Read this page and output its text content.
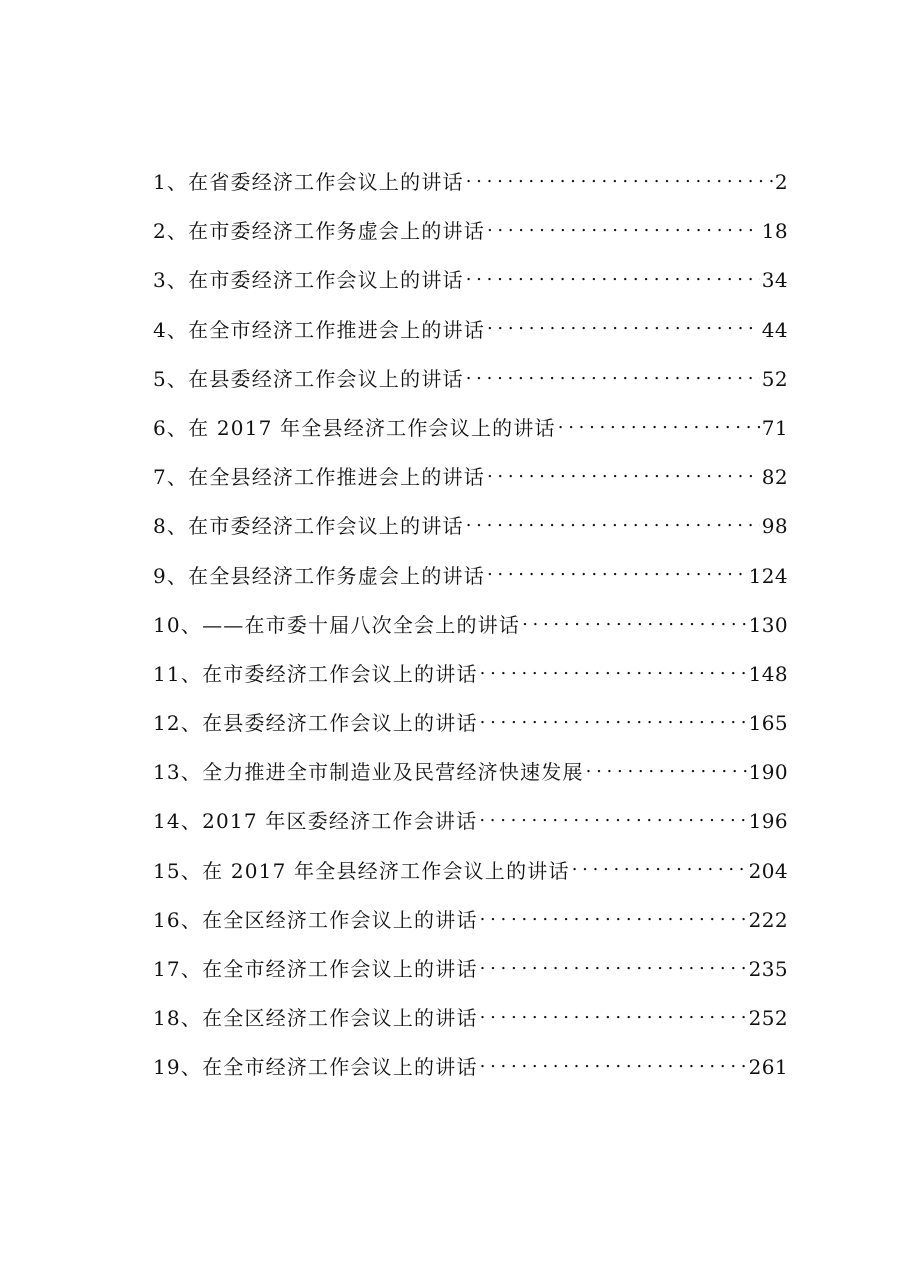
1、 在省委经济工作会议上的讲话 . . .	2
2、 在市委经济工作务虚会上的讲话 . . .	18
3、 在市委经济工作会议上的讲话 . . .	34
4、 在全市经济工作推进会上的讲话 . . .	44
5、 在县委经济工作会议上的讲话 . . .	52
6、 在 2017 年全县经济工作会议上的讲话 . . .	71
7、 在全县经济工作推进会上的讲话 . . .	82
8、 在市委经济工作会议上的讲话 . . .	98
9、 在全县经济工作务虚会上的讲话 . . .	124
10、 ——在市委十届八次全会上的讲话 . . .	130
11、 在市委经济工作会议上的讲话 . . .	148
12、 在县委经济工作会议上的讲话 . . .	165
13、 全力推进全市制造业及民营经济快速发展 . . .	190
14、 2017 年区委经济工作会讲话 . . .	196
15、 在 2017 年全县经济工作会议上的讲话 . . .	204
16、 在全区经济工作会议上的讲话 . . .	222
17、 在全市经济工作会议上的讲话 . . .	235
18、 在全区经济工作会议上的讲话 . . .	252
19、 在全市经济工作会议上的讲话 . . .	261
